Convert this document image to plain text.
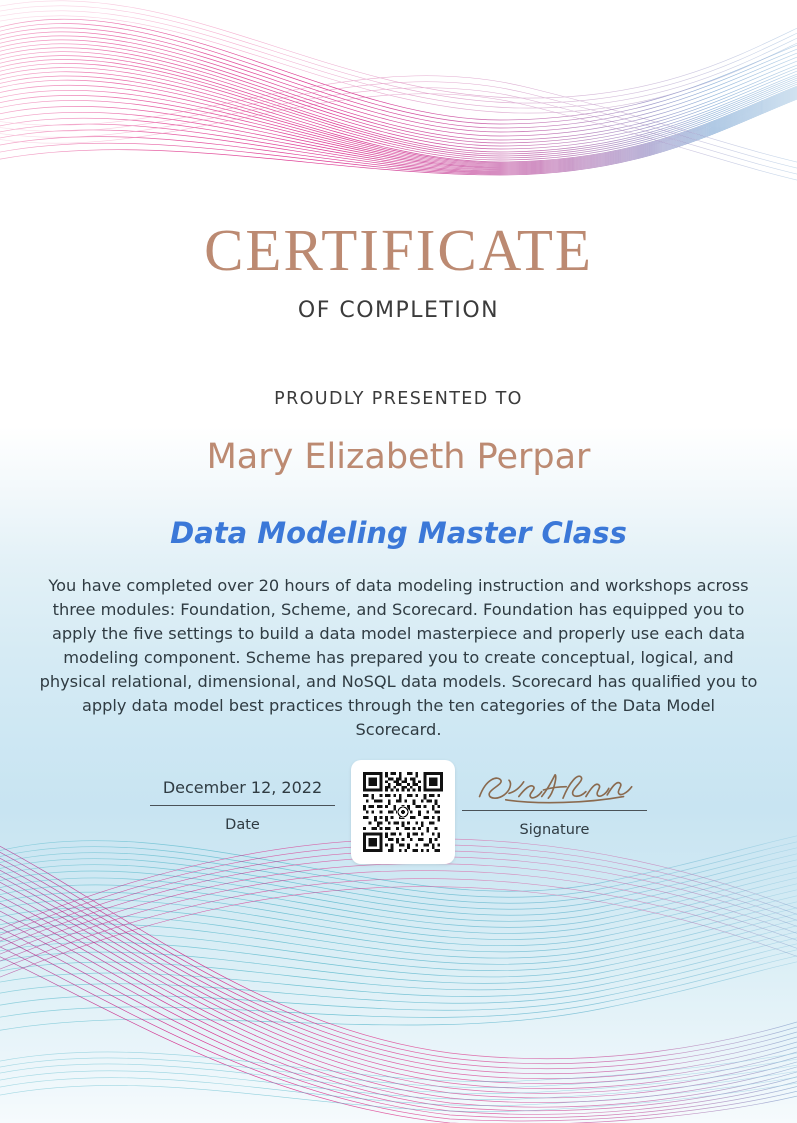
CERTIFICATE
OF COMPLETION
PROUDLY PRESENTED TO
Mary Elizabeth Perpar
Data Modeling Master Class
You have completed over 20 hours of data modeling instruction and workshops across three modules: Foundation, Scheme, and Scorecard. Foundation has equipped you to apply the five settings to build a data model masterpiece and properly use each data modeling component. Scheme has prepared you to create conceptual, logical, and physical relational, dimensional, and NoSQL data models. Scorecard has qualified you to apply data model best practices through the ten categories of the Data Model Scorecard.
December 12, 2022
Date	Signature
